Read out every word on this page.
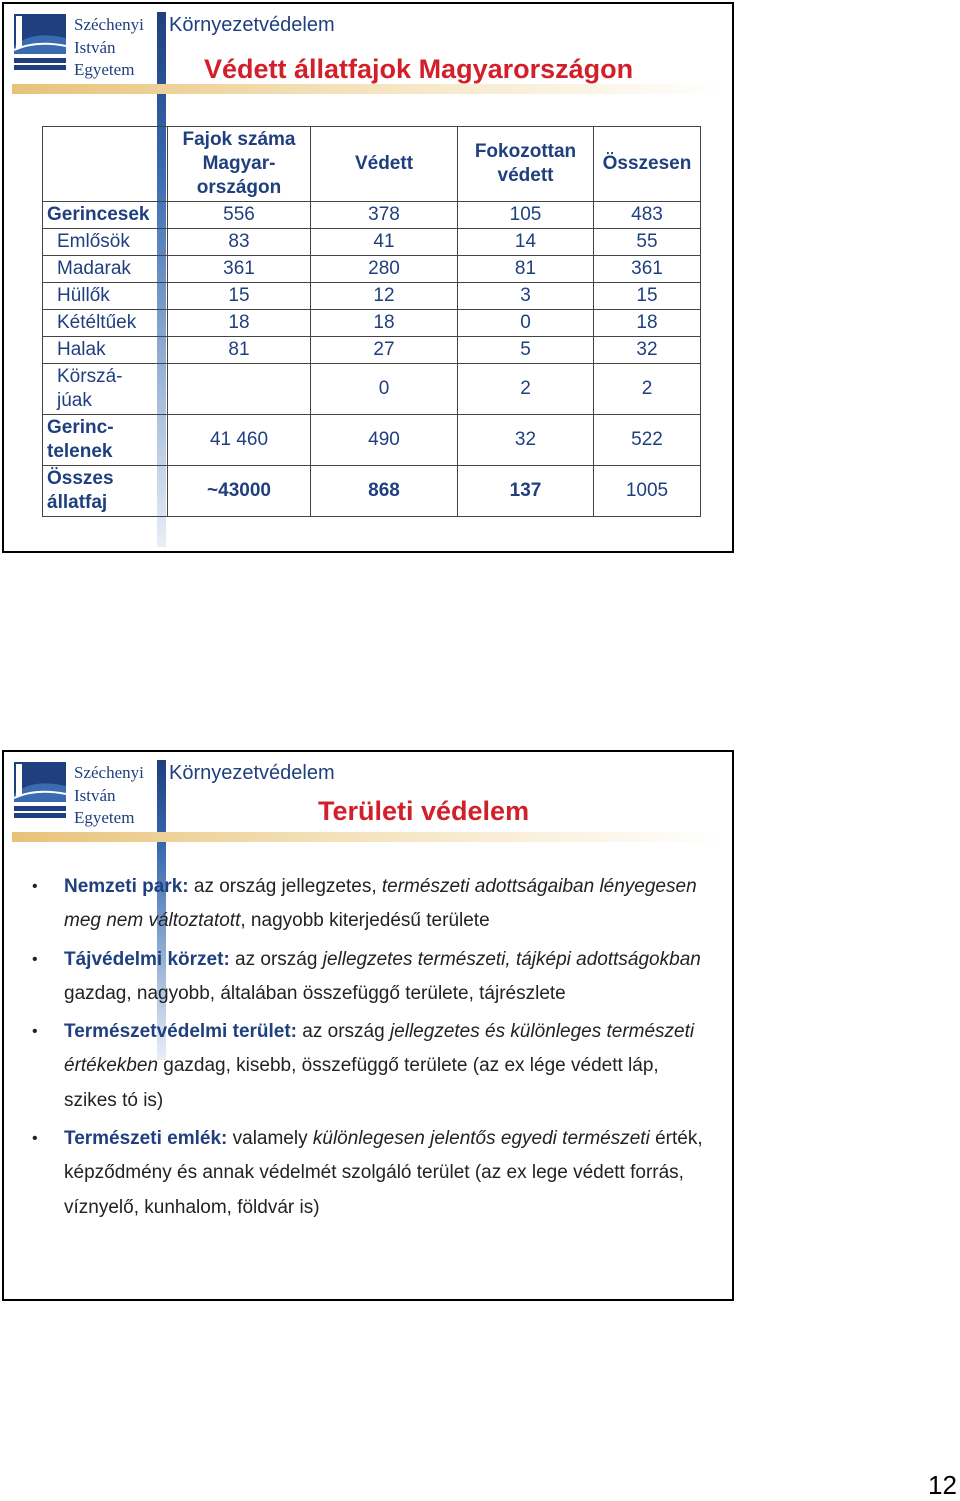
Széchenyi
István
Egyetem
Környezetvédelem
Védett állatfajok Magyarországon
	Fajok száma
Magyar-
országon	Védett	Fokozottan
védett	Összesen
Gerincesek	556	378	105	483
Emlősök	83	41	14	55
Madarak	361	280	81	361
Hüllők	15	12	3	15
Kétéltűek	18	18	0	18
Halak	81	27	5	32
Körszá-
júak		0	2	2
Gerinc-
telenek	41 460	490	32	522
Összes
állatfaj	~43000	868	137	1005
Széchenyi
István
Egyetem
Környezetvédelem
Területi védelem
• Nemzeti park: az ország jellegzetes, természeti adottságaiban lényegesen meg nem változtatott, nagyobb kiterjedésű területe
• Tájvédelmi körzet: az ország jellegzetes természeti, tájképi adottságokban gazdag, nagyobb, általában összefüggő területe, tájrészlete
• Természetvédelmi terület: az ország jellegzetes és különleges természeti értékekben gazdag, kisebb, összefüggő területe (az ex lége védett láp, szikes tó is)
• Természeti emlék: valamely különlegesen jelentős egyedi természeti érték, képződmény és annak védelmét szolgáló terület (az ex lege védett forrás, víznyelő, kunhalom, földvár is)
12
